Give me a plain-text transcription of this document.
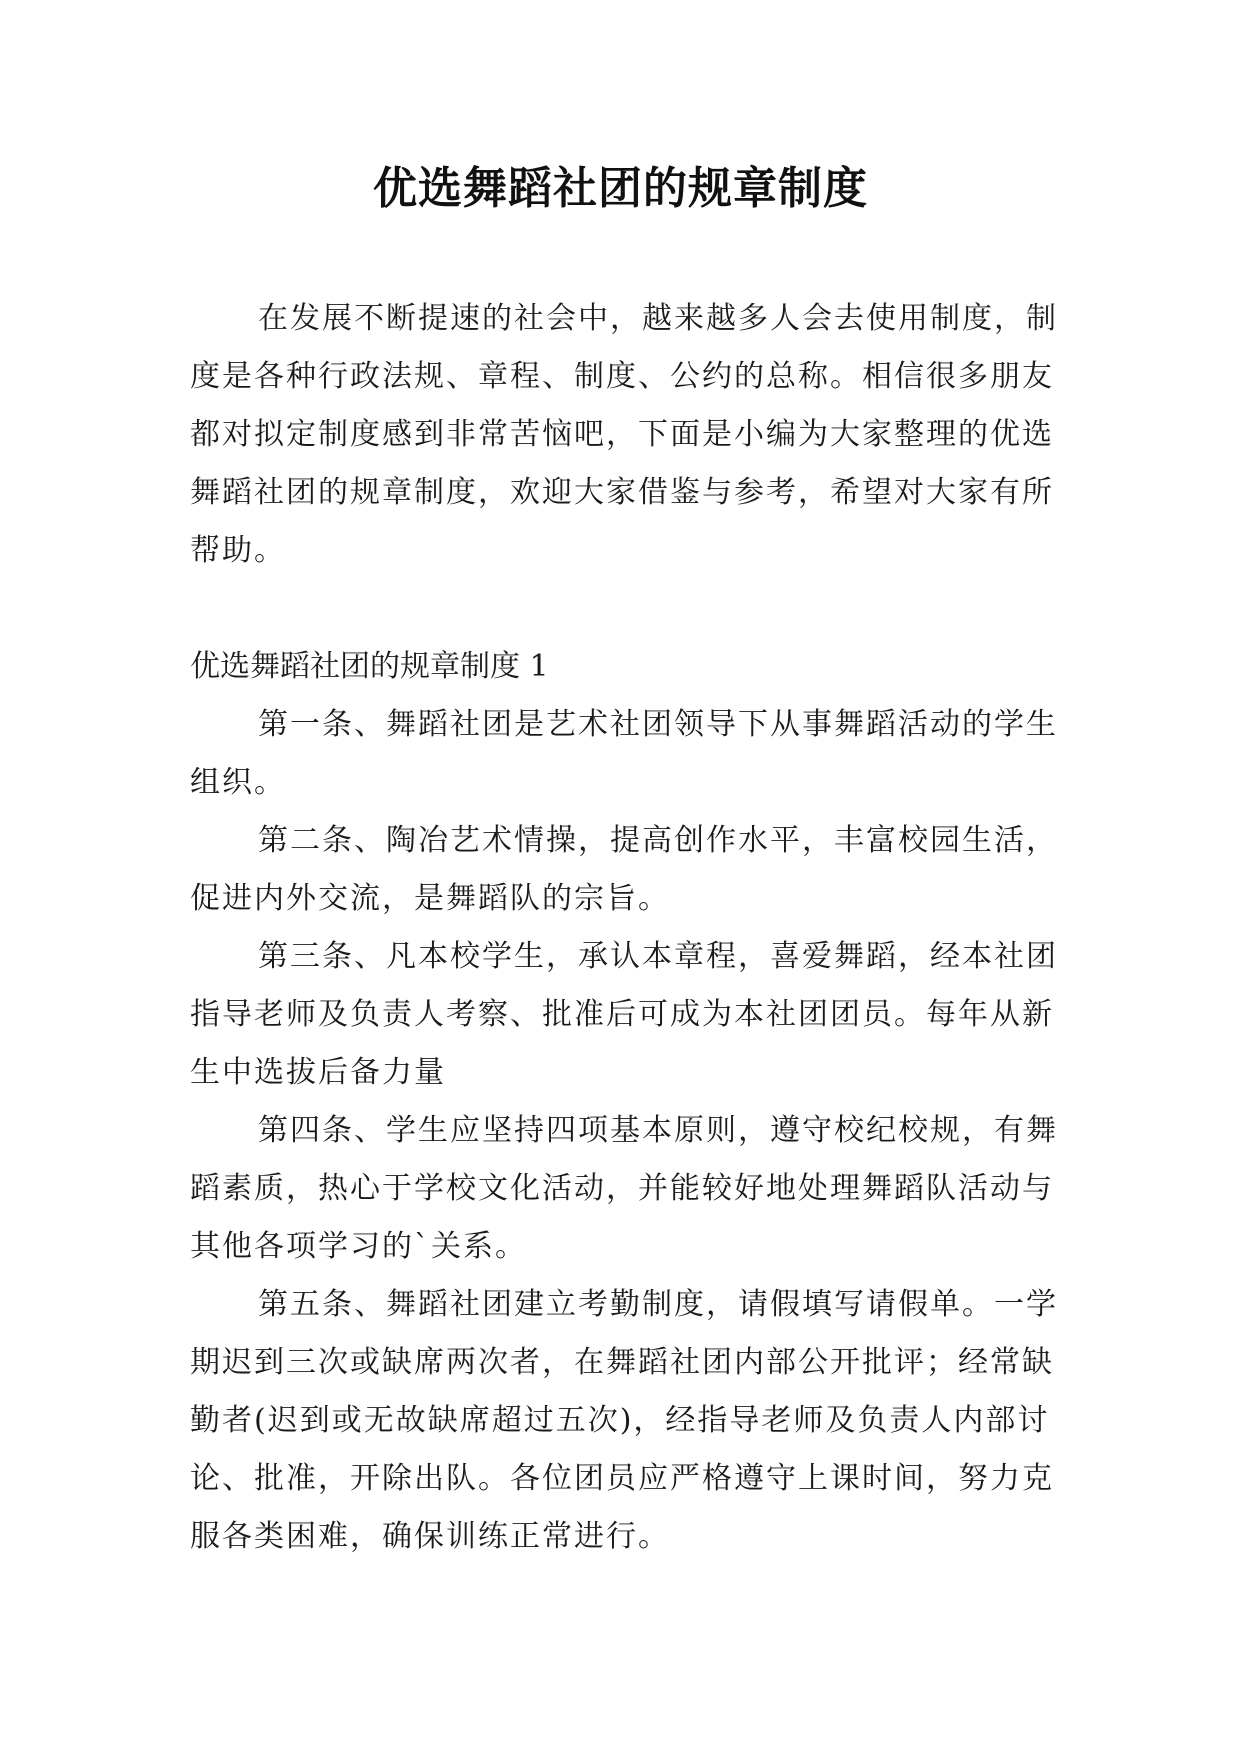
优选舞蹈社团的规章制度

在发展不断提速的社会中，越来越多人会去使用制度，制度是各种行政法规、章程、制度、公约的总称。相信很多朋友都对拟定制度感到非常苦恼吧，下面是小编为大家整理的优选舞蹈社团的规章制度，欢迎大家借鉴与参考，希望对大家有所帮助。

优选舞蹈社团的规章制度 1

第一条、舞蹈社团是艺术社团领导下从事舞蹈活动的学生组织。

第二条、陶冶艺术情操，提高创作水平，丰富校园生活，促进内外交流，是舞蹈队的宗旨。

第三条、凡本校学生，承认本章程，喜爱舞蹈，经本社团指导老师及负责人考察、批准后可成为本社团团员。每年从新生中选拔后备力量

第四条、学生应坚持四项基本原则，遵守校纪校规，有舞蹈素质，热心于学校文化活动，并能较好地处理舞蹈队活动与其他各项学习的`关系。

第五条、舞蹈社团建立考勤制度，请假填写请假单。一学期迟到三次或缺席两次者，在舞蹈社团内部公开批评；经常缺勤者(迟到或无故缺席超过五次)，经指导老师及负责人内部讨论、批准，开除出队。各位团员应严格遵守上课时间，努力克服各类困难，确保训练正常进行。
